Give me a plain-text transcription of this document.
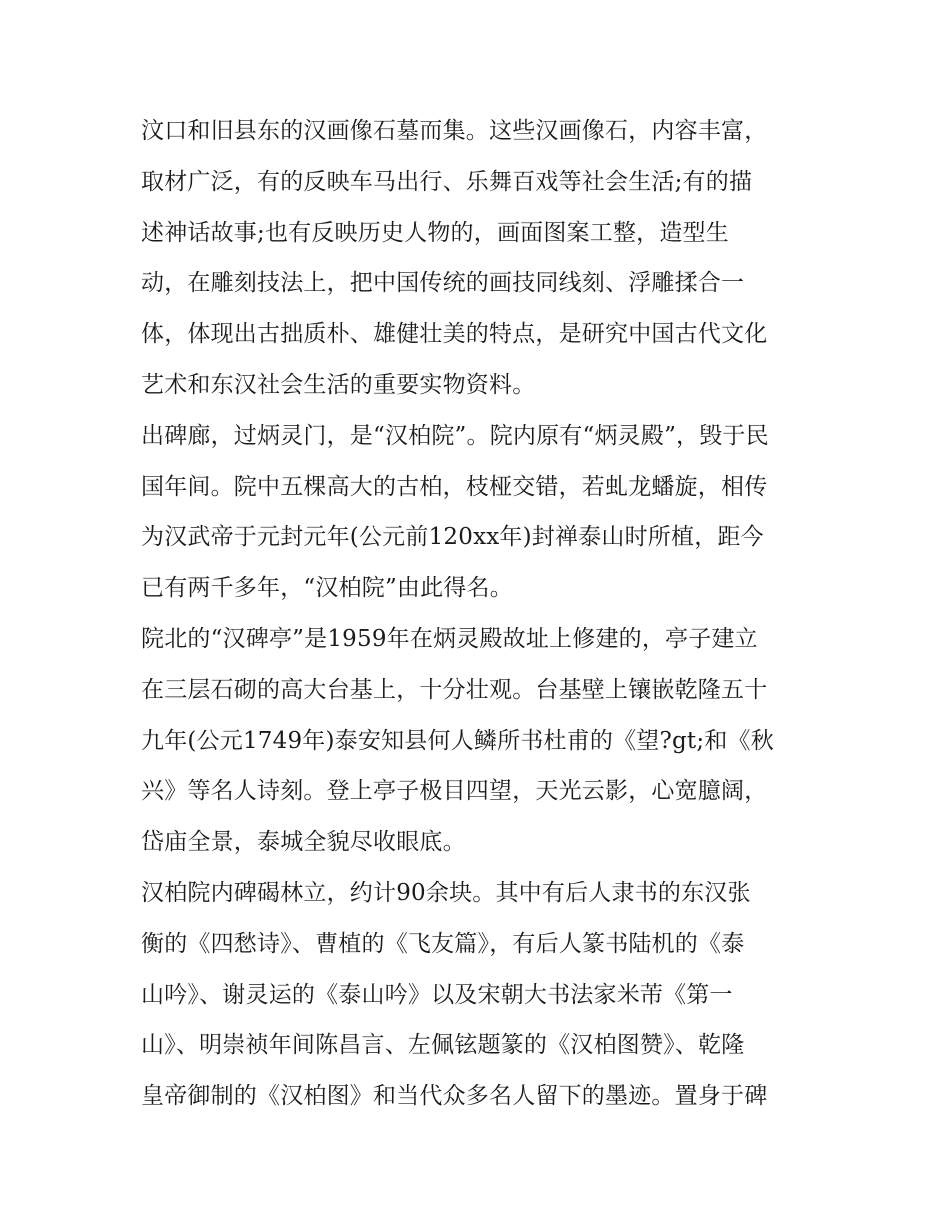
汶口和旧县东的汉画像石墓而集。这些汉画像石，内容丰富，
取材广泛，有的反映车马出行、乐舞百戏等社会生活;有的描
述神话故事;也有反映历史人物的，画面图案工整，造型生
动，在雕刻技法上，把中国传统的画技同线刻、浮雕揉合一
体，体现出古拙质朴、雄健壮美的特点，是研究中国古代文化
艺术和东汉社会生活的重要实物资料。
出碑廊，过炳灵门，是“汉柏院”。院内原有“炳灵殿”，毁于民
国年间。院中五棵高大的古柏，枝桠交错，若虬龙蟠旋，相传
为汉武帝于元封元年(公元前120xx年)封禅泰山时所植，距今
已有两千多年，“汉柏院”由此得名。
院北的“汉碑亭”是1959年在炳灵殿故址上修建的，亭子建立
在三层石砌的高大台基上，十分壮观。台基壁上镶嵌乾隆五十
九年(公元1749年)泰安知县何人鳞所书杜甫的《望?gt;和《秋
兴》等名人诗刻。登上亭子极目四望，天光云影，心宽臆阔，
岱庙全景，泰城全貌尽收眼底。
汉柏院内碑碣林立，约计90余块。其中有后人隶书的东汉张
衡的《四愁诗》、曹植的《飞友篇》，有后人篆书陆机的《泰
山吟》、谢灵运的《泰山吟》以及宋朝大书法家米芾《第一
山》、明崇祯年间陈昌言、左佩铉题篆的《汉柏图赞》、乾隆
皇帝御制的《汉柏图》和当代众多名人留下的墨迹。置身于碑
